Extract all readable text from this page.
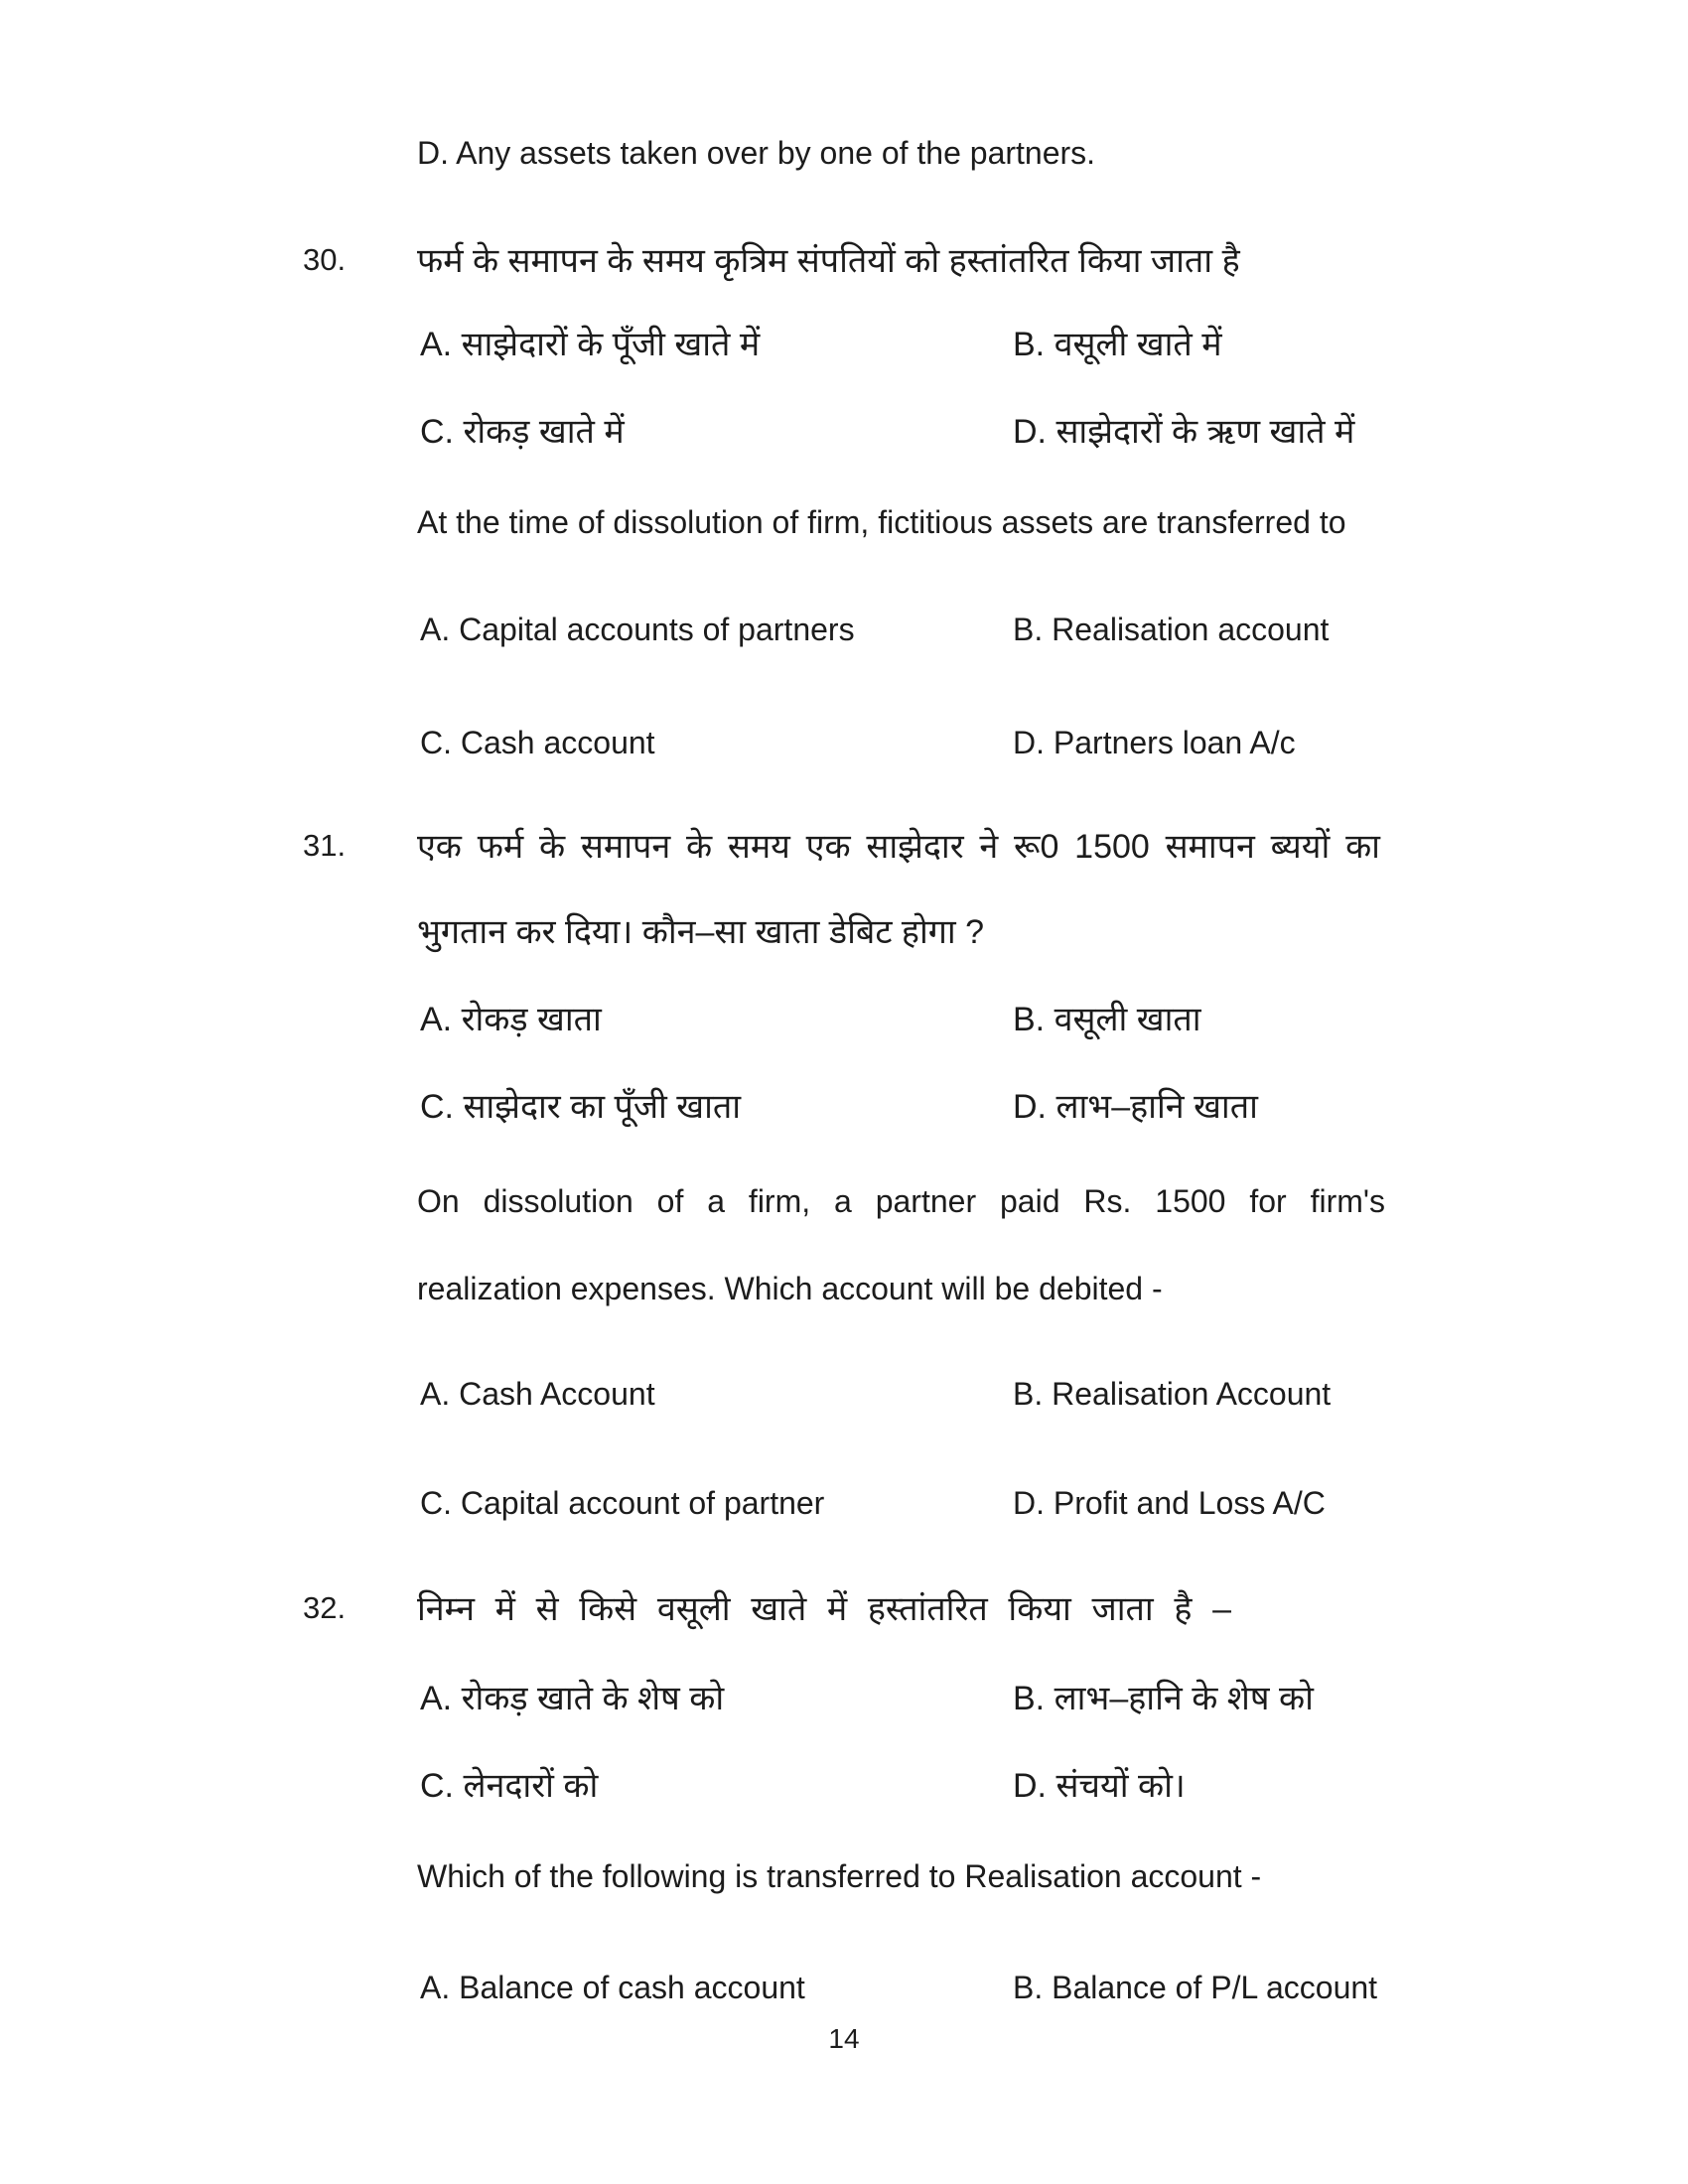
D. Any assets taken over by one of the partners.
30. फर्म के समापन के समय कृत्रिम संपतियों को हस्तांतरित किया जाता है
A. साझेदारों के पूँजी खाते में	B. वसूली खाते में
C. रोकड़ खाते में	D. साझेदारों के ऋण खाते में
At the time of dissolution of firm, fictitious assets are transferred to
A. Capital accounts of partners	B. Realisation account
C. Cash account	D. Partners loan A/c
31. एक फर्म के समापन के समय एक साझेदार ने रू0 1500 समापन ब्ययों का
भुगतान कर दिया। कौन–सा खाता डेबिट होगा ?
A. रोकड़ खाता	B. वसूली खाता
C. साझेदार का पूँजी खाता	D. लाभ–हानि खाता
On dissolution of a firm, a partner paid Rs. 1500 for firm's
realization expenses. Which account will be debited -
A. Cash Account	B. Realisation Account
C. Capital account of partner	D. Profit and Loss A/C
32. निम्न में से किसे वसूली खाते में हस्तांतरित किया जाता है –
A. रोकड़ खाते के शेष को	B. लाभ–हानि के शेष को
C. लेनदारों को	D. संचयों को।
Which of the following is transferred to Realisation account -
A. Balance of cash account	B. Balance of P/L account
14
